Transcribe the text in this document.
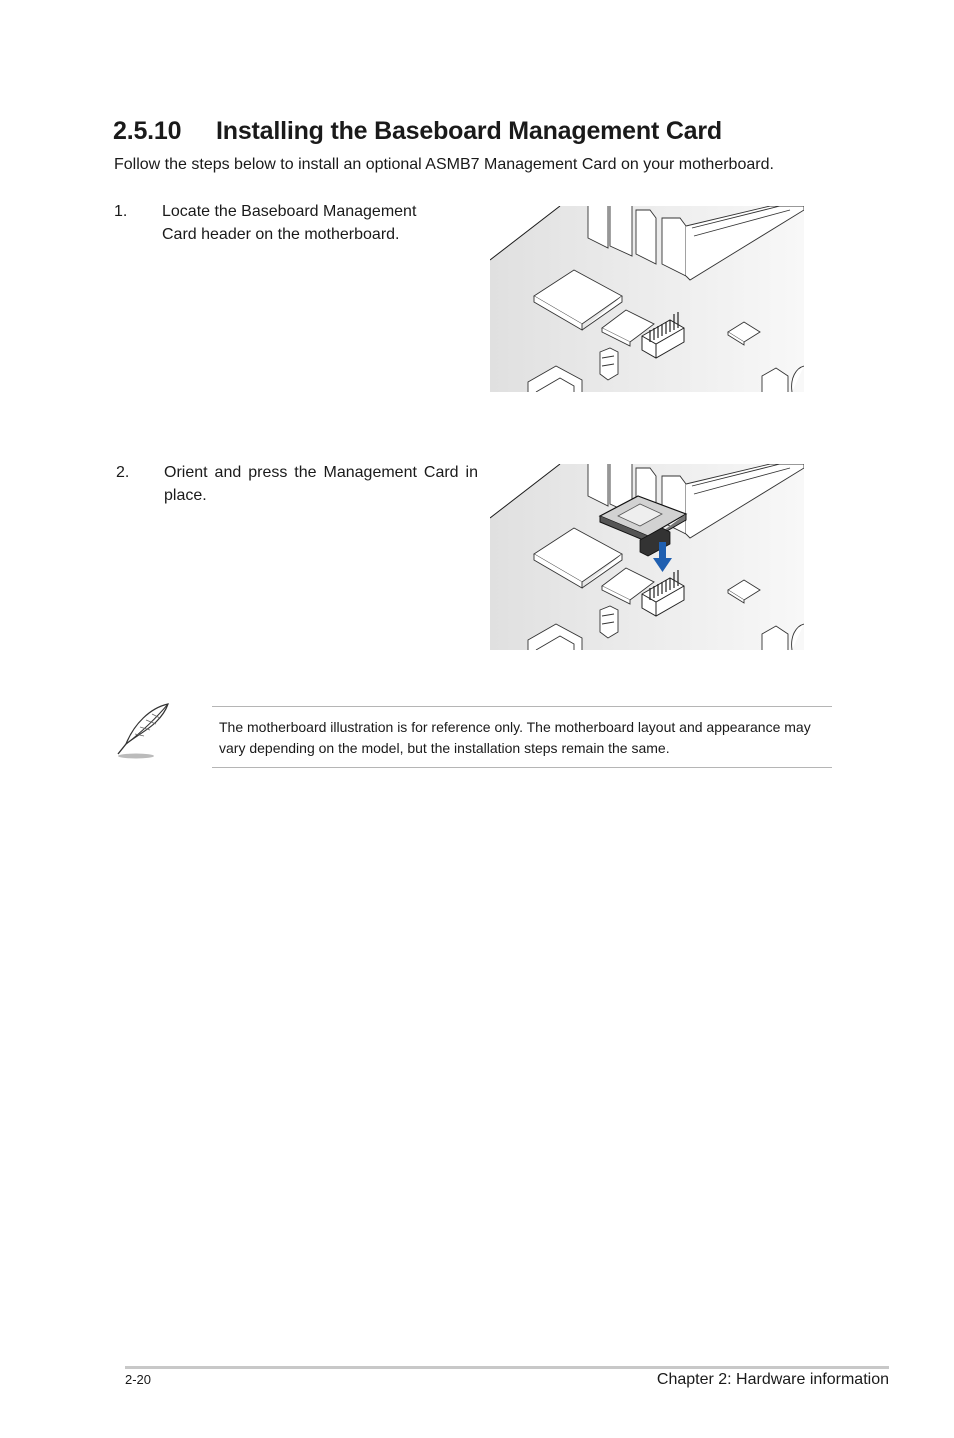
2.5.10 Installing the Baseboard Management Card

Follow the steps below to install an optional ASMB7 Management Card on your motherboard.

1. Locate the Baseboard Management Card header on the motherboard.
2. Orient and press the Management Card in place.

The motherboard illustration is for reference only. The motherboard layout and appearance may vary depending on the model, but the installation steps remain the same.

2-20	Chapter 2: Hardware information
